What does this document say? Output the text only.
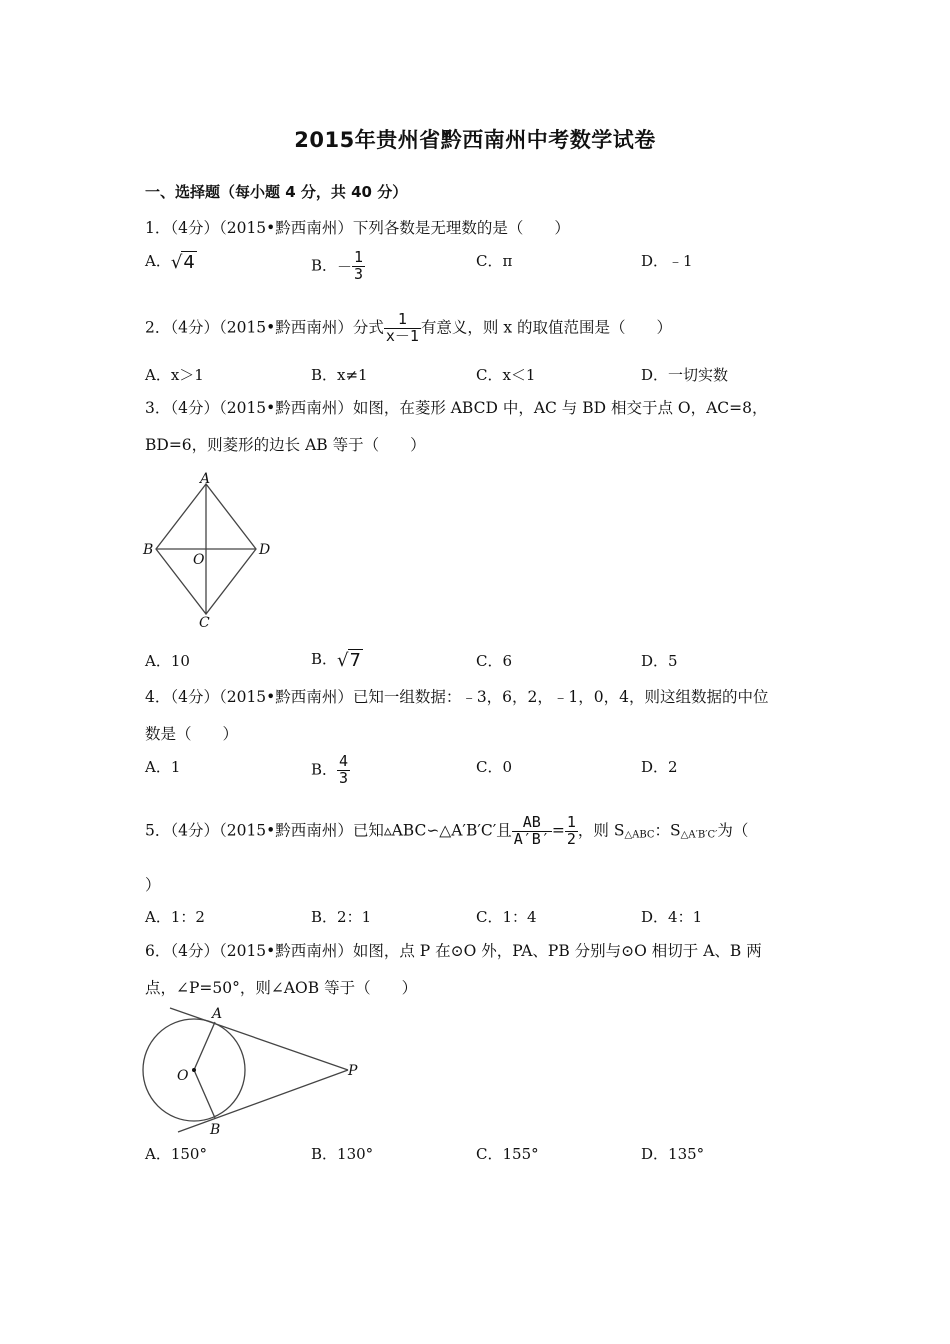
2015年贵州省黔西南州中考数学试卷
一、选择题（每小题 4 分，共 40 分）
1．（4分）（2015•黔西南州）下列各数是无理数的是（　　）
A．√4	B．－ $\frac{1}{3}$	C．π	D．﹣1
2．（4分）（2015•黔西南州）分式 $\frac{1}{x-1}$ 有意义，则 x 的取值范围是（　　）
A．x＞1	B．x≠1	C．x＜1	D．一切实数
3．（4分）（2015•黔西南州）如图，在菱形 ABCD 中，AC 与 BD 相交于点 O，AC=8，
BD=6，则菱形的边长 AB 等于（　　）
A
B
O
D
C
A．10	B．√7	C．6	D．5
4．（4分）（2015•黔西南州）已知一组数据：﹣3，6，2，﹣1，0，4，则这组数据的中位
数是（　　）
A．1	B． $\frac{4}{3}$	C．0	D．2
5．（4分）（2015•黔西南州）已知▵ABC∽△A′B′C′且 $\frac{AB}{A'B'} = \frac{1}{2}$ ，则 $S_{\triangle ABC}$：$S_{\triangle A'B'C'}$为（
）
A．1：2	B．2：1	C．1：4	D．4：1
6．（4分）（2015•黔西南州）如图，点 P 在⊙O 外，PA、PB 分别与⊙O 相切于 A、B 两
点，∠P=50°，则∠AOB 等于（　　）
A
O	P
B
A．150°	B．130°	C．155°	D．135°
